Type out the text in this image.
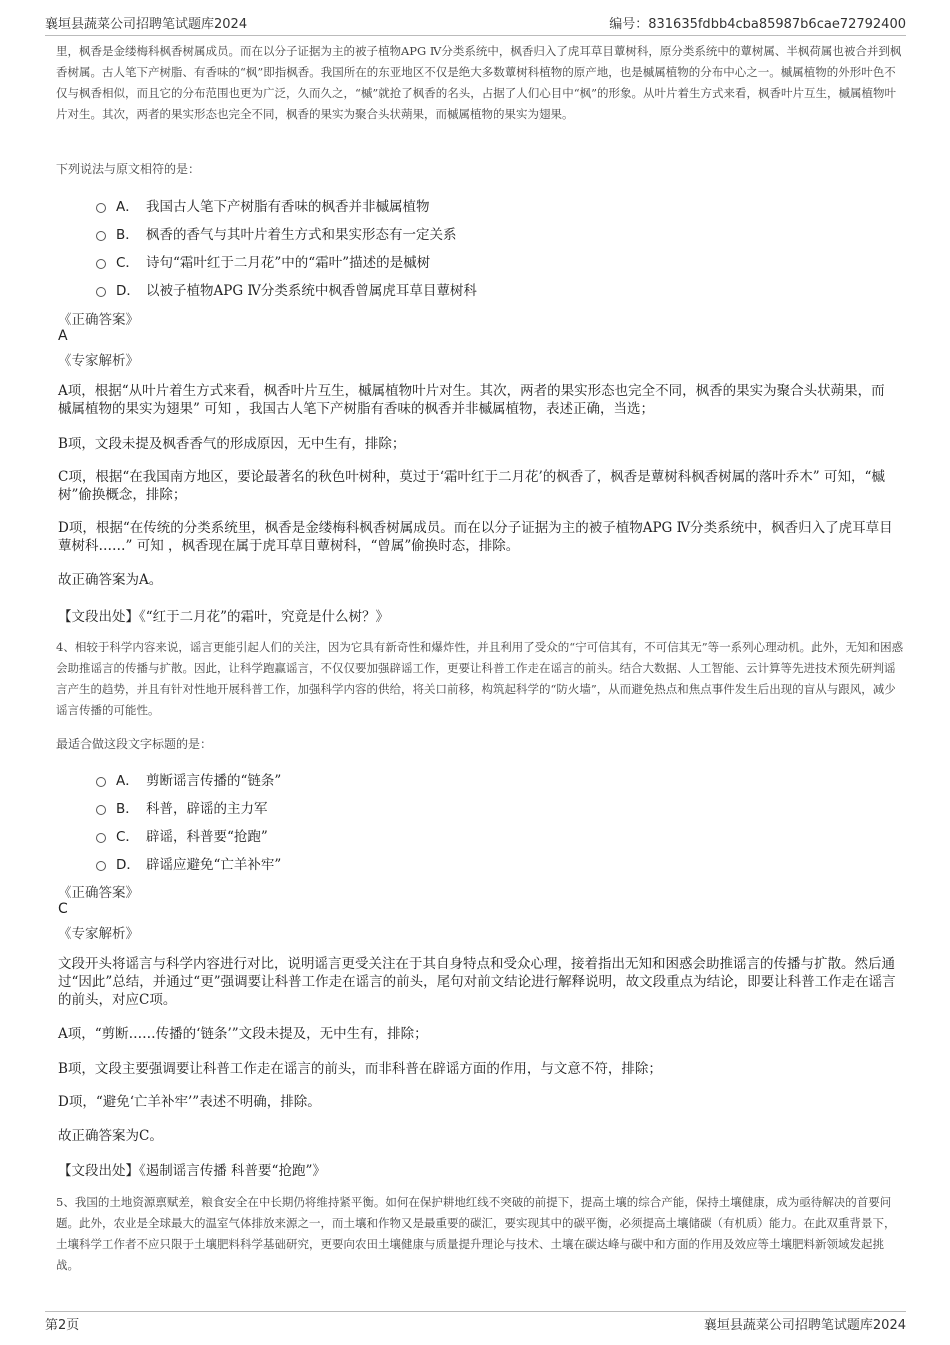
襄垣县蔬菜公司招聘笔试题库2024	编号：831635fdbb4cba85987b6cae72792400

里，枫香是金缕梅科枫香树属成员。而在以分子证据为主的被子植物APG Ⅳ分类系统中，枫香归入了虎耳草目蕈树科，原分类系统中的蕈树属、半枫荷属也被合并到枫香树属。古人笔下产树脂、有香味的“枫”即指枫香。我国所在的东亚地区不仅是绝大多数蕈树科植物的原产地，也是槭属植物的分布中心之一。槭属植物的外形叶色不仅与枫香相似，而且它的分布范围也更为广泛，久而久之，“槭”就抢了枫香的名头，占据了人们心目中“枫”的形象。从叶片着生方式来看，枫香叶片互生，槭属植物叶片对生。其次，两者的果实形态也完全不同，枫香的果实为聚合头状蒴果，而槭属植物的果实为翅果。

下列说法与原文相符的是：
A． 我国古人笔下产树脂有香味的枫香并非槭属植物
B． 枫香的香气与其叶片着生方式和果实形态有一定关系
C． 诗句“霜叶红于二月花”中的“霜叶”描述的是槭树
D． 以被子植物APG Ⅳ分类系统中枫香曾属虎耳草目蕈树科
《正确答案》
A
《专家解析》

A项，根据“从叶片着生方式来看，枫香叶片互生，槭属植物叶片对生。其次，两者的果实形态也完全不同，枫香的果实为聚合头状蒴果，而槭属植物的果实为翅果” 可知 ，我国古人笔下产树脂有香味的枫香并非槭属植物，表述正确，当选；

B项，文段未提及枫香香气的形成原因，无中生有，排除；

C项，根据“在我国南方地区，要论最著名的秋色叶树种，莫过于‘霜叶红于二月花’的枫香了，枫香是蕈树科枫香树属的落叶乔木” 可知，“槭树”偷换概念，排除；

D项，根据“在传统的分类系统里，枫香是金缕梅科枫香树属成员。而在以分子证据为主的被子植物APG Ⅳ分类系统中，枫香归入了虎耳草目蕈树科……” 可知 ，枫香现在属于虎耳草目蕈树科，“曾属”偷换时态，排除。

故正确答案为A。

【文段出处】《“红于二月花”的霜叶，究竟是什么树？》

4、相较于科学内容来说，谣言更能引起人们的关注，因为它具有新奇性和爆炸性，并且利用了受众的“宁可信其有，不可信其无”等一系列心理动机。此外，无知和困惑会助推谣言的传播与扩散。因此，让科学跑赢谣言，不仅仅要加强辟谣工作，更要让科普工作走在谣言的前头。结合大数据、人工智能、云计算等先进技术预先研判谣言产生的趋势，并且有针对性地开展科普工作，加强科学内容的供给，将关口前移，构筑起科学的“防火墙”，从而避免热点和焦点事件发生后出现的盲从与跟风，减少谣言传播的可能性。

最适合做这段文字标题的是：
A． 剪断谣言传播的“链条”
B． 科普，辟谣的主力军
C． 辟谣，科普要“抢跑”
D． 辟谣应避免“亡羊补牢”
《正确答案》
C
《专家解析》

文段开头将谣言与科学内容进行对比，说明谣言更受关注在于其自身特点和受众心理，接着指出无知和困惑会助推谣言的传播与扩散。然后通过“因此”总结，并通过“更”强调要让科普工作走在谣言的前头，尾句对前文结论进行解释说明，故文段重点为结论，即要让科普工作走在谣言的前头，对应C项。

A项，“剪断……传播的‘链条’”文段未提及，无中生有，排除；

B项，文段主要强调要让科普工作走在谣言的前头，而非科普在辟谣方面的作用，与文意不符，排除；

D项，“避免‘亡羊补牢’”表述不明确，排除。

故正确答案为C。

【文段出处】《遏制谣言传播 科普要“抢跑”》

5、我国的土地资源禀赋差，粮食安全在中长期仍将维持紧平衡。如何在保护耕地红线不突破的前提下，提高土壤的综合产能，保持土壤健康，成为亟待解决的首要问题。此外，农业是全球最大的温室气体排放来源之一，而土壤和作物又是最重要的碳汇，要实现其中的碳平衡，必须提高土壤储碳（有机质）能力。在此双重背景下，土壤科学工作者不应只限于土壤肥料科学基础研究，更要向农田土壤健康与质量提升理论与技术、土壤在碳达峰与碳中和方面的作用及效应等土壤肥料新领域发起挑战。

第2页	襄垣县蔬菜公司招聘笔试题库2024
